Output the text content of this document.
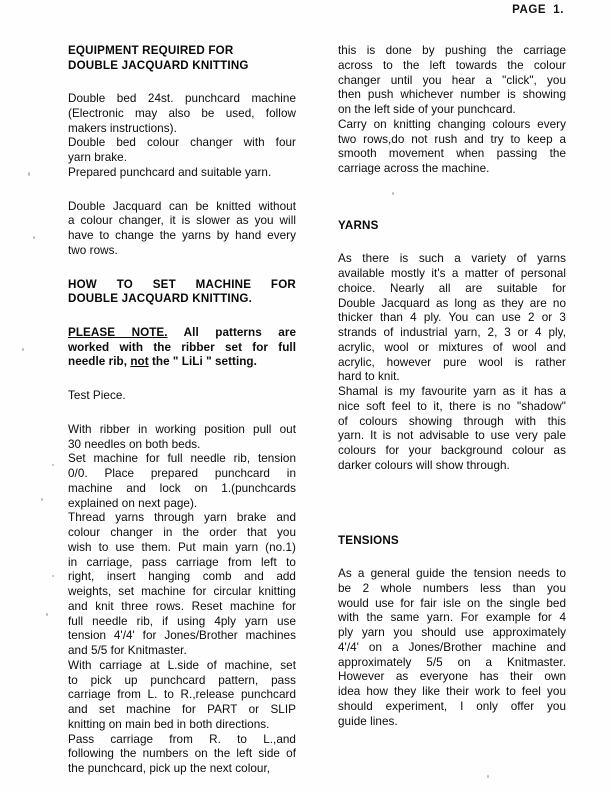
PAGE 1.
EQUIPMENT REQUIRED FOR
DOUBLE JACQUARD KNITTING

Double bed 24st. punchcard machine
(Electronic may also be used, follow
makers instructions).
Double bed colour changer with four
yarn brake.
Prepared punchcard and suitable yarn.

Double Jacquard can be knitted without
a colour changer, it is slower as you will
have to change the yarns by hand every
two rows.

HOW TO SET MACHINE FOR
DOUBLE JACQUARD KNITTING.

PLEASE NOTE. All patterns are
worked with the ribber set for full
needle rib, not the " LiLi " setting.

Test Piece.

With ribber in working position pull out
30 needles on both beds.
Set machine for full needle rib, tension
0/0. Place prepared punchcard in
machine and lock on 1.(punchcards
explained on next page).
Thread yarns through yarn brake and
colour changer in the order that you
wish to use them. Put main yarn (no.1)
in carriage, pass carriage from left to
right, insert hanging comb and add
weights, set machine for circular knitting
and knit three rows. Reset machine for
full needle rib, if using 4ply yarn use
tension 4'/4' for Jones/Brother machines
and 5/5 for Knitmaster.
With carriage at L.side of machine, set
to pick up punchcard pattern, pass
carriage from L. to R.,release punchcard
and set machine for PART or SLIP
knitting on main bed in both directions.
Pass carriage from R. to L.,and
following the numbers on the left side of
the punchcard, pick up the next colour,

this is done by pushing the carriage
across to the left towards the colour
changer until you hear a "click", you
then push whichever number is showing
on the left side of your punchcard.
Carry on knitting changing colours every
two rows,do not rush and try to keep a
smooth movement when passing the
carriage across the machine.

YARNS

As there is such a variety of yarns
available mostly it's a matter of personal
choice. Nearly all are suitable for
Double Jacquard as long as they are no
thicker than 4 ply. You can use 2 or 3
strands of industrial yarn, 2, 3 or 4 ply,
acrylic, wool or mixtures of wool and
acrylic, however pure wool is rather
hard to knit.
Shamal is my favourite yarn as it has a
nice soft feel to it, there is no "shadow"
of colours showing through with this
yarn. It is not advisable to use very pale
colours for your background colour as
darker colours will show through.

TENSIONS

As a general guide the tension needs to
be 2 whole numbers less than you
would use for fair isle on the single bed
with the same yarn. For example for 4
ply yarn you should use approximately
4'/4' on a Jones/Brother machine and
approximately 5/5 on a Knitmaster.
However as everyone has their own
idea how they like their work to feel you
should experiment, I only offer you
guide lines.
